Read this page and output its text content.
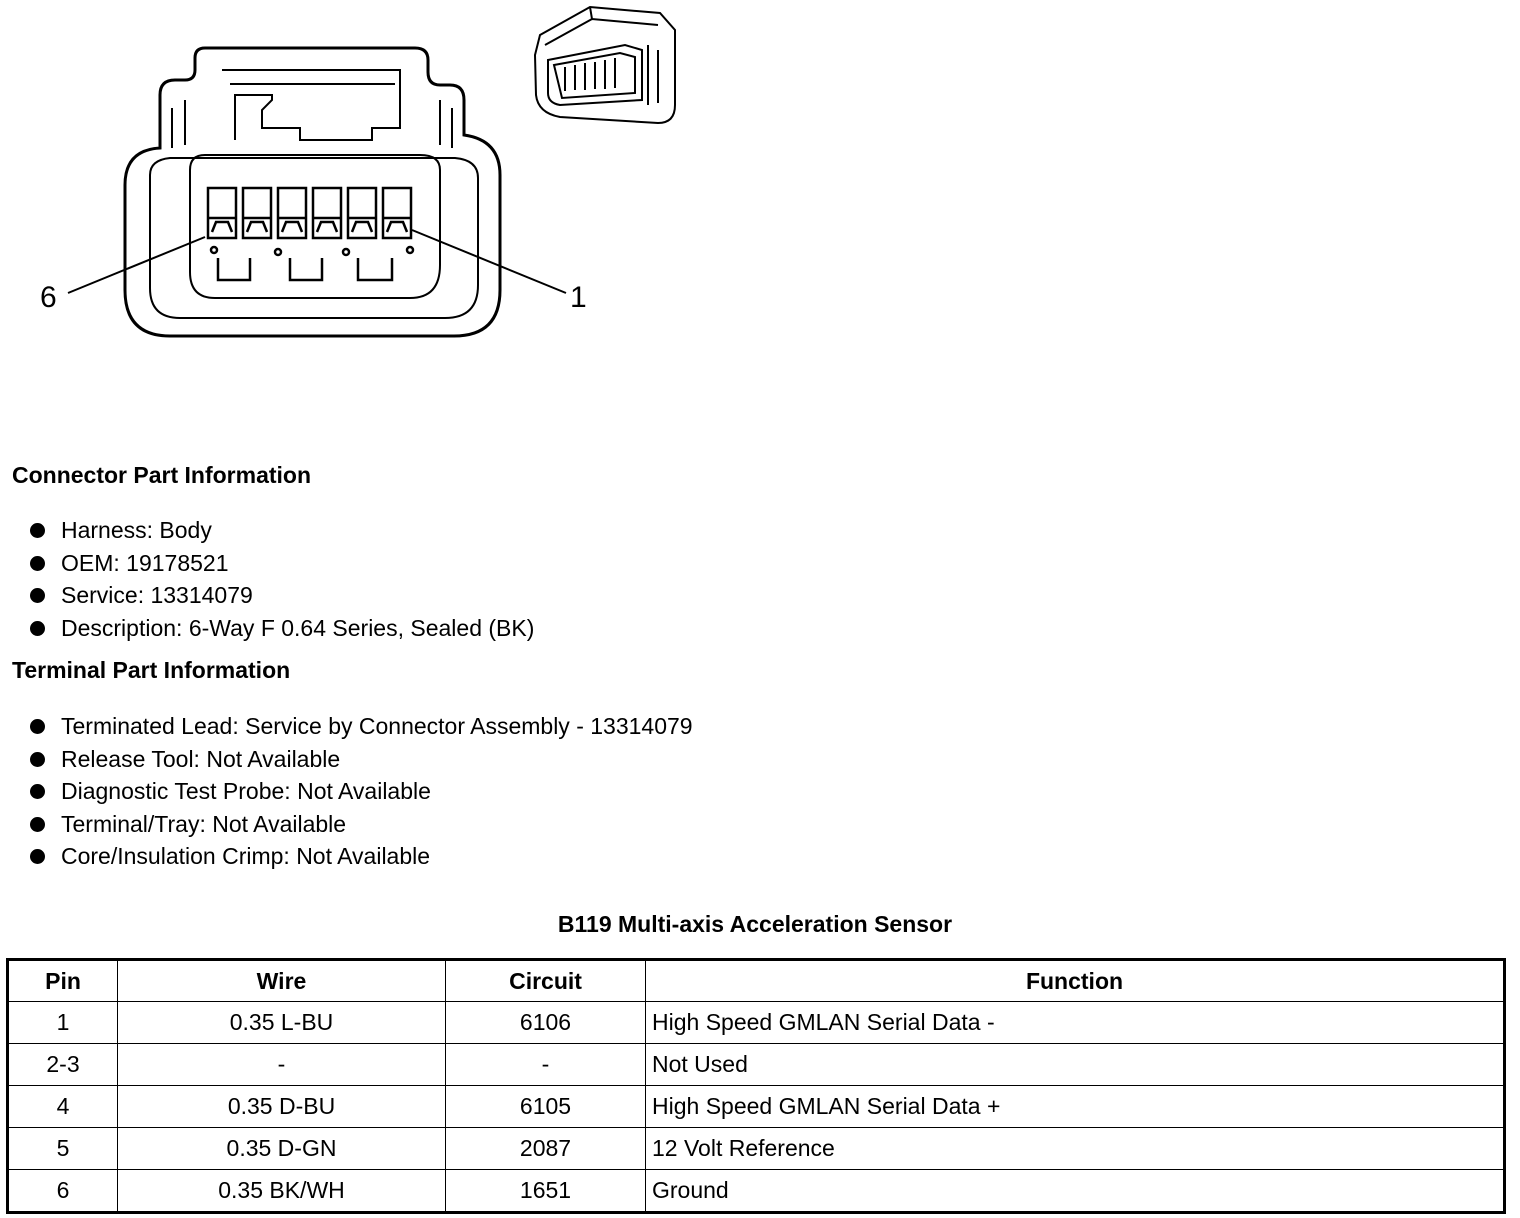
6	1
Connector Part Information
Harness: Body
OEM: 19178521
Service: 13314079
Description: 6-Way F 0.64 Series, Sealed (BK)
Terminal Part Information
Terminated Lead: Service by Connector Assembly - 13314079
Release Tool: Not Available
Diagnostic Test Probe: Not Available
Terminal/Tray: Not Available
Core/Insulation Crimp: Not Available
B119 Multi-axis Acceleration Sensor
Pin	Wire	Circuit	Function
1	0.35 L-BU	6106	High Speed GMLAN Serial Data -
2-3	-	-	Not Used
4	0.35 D-BU	6105	High Speed GMLAN Serial Data +
5	0.35 D-GN	2087	12 Volt Reference
6	0.35 BK/WH	1651	Ground
